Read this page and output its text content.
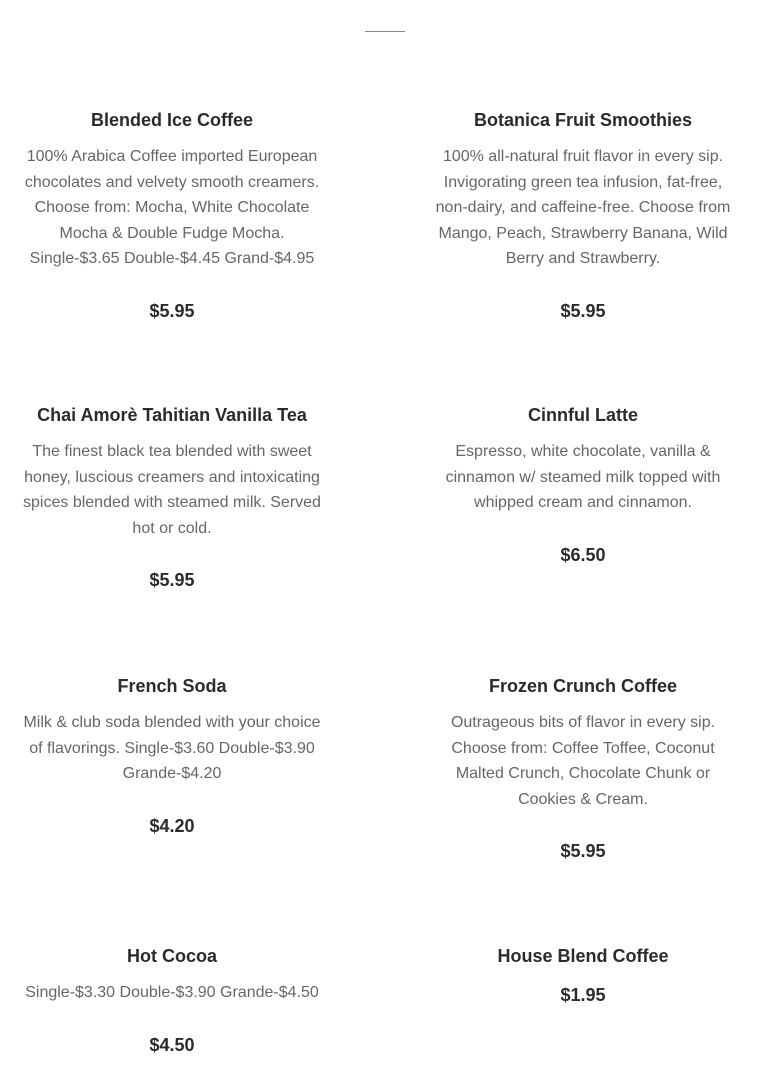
Blended Ice Coffee

100% Arabica Coffee imported European chocolates and velvety smooth creamers. Choose from: Mocha, White Chocolate Mocha & Double Fudge Mocha. Single-$3.65 Double-$4.45 Grand-$4.95

$5.95

Botanica Fruit Smoothies

100% all-natural fruit flavor in every sip. Invigorating green tea infusion, fat-free, non-dairy, and caffeine-free. Choose from Mango, Peach, Strawberry Banana, Wild Berry and Strawberry.

$5.95

Chai Amorè Tahitian Vanilla Tea

The finest black tea blended with sweet honey, luscious creamers and intoxicating spices blended with steamed milk. Served hot or cold.

$5.95

Cinnful Latte

Espresso, white chocolate, vanilla & cinnamon w/ steamed milk topped with whipped cream and cinnamon.

$6.50

French Soda

Milk & club soda blended with your choice of flavorings. Single-$3.60 Double-$3.90 Grande-$4.20

$4.20

Frozen Crunch Coffee

Outrageous bits of flavor in every sip. Choose from: Coffee Toffee, Coconut Malted Crunch, Chocolate Chunk or Cookies & Cream.

$5.95

Hot Cocoa

Single-$3.30 Double-$3.90 Grande-$4.50

$4.50

House Blend Coffee

$1.95
